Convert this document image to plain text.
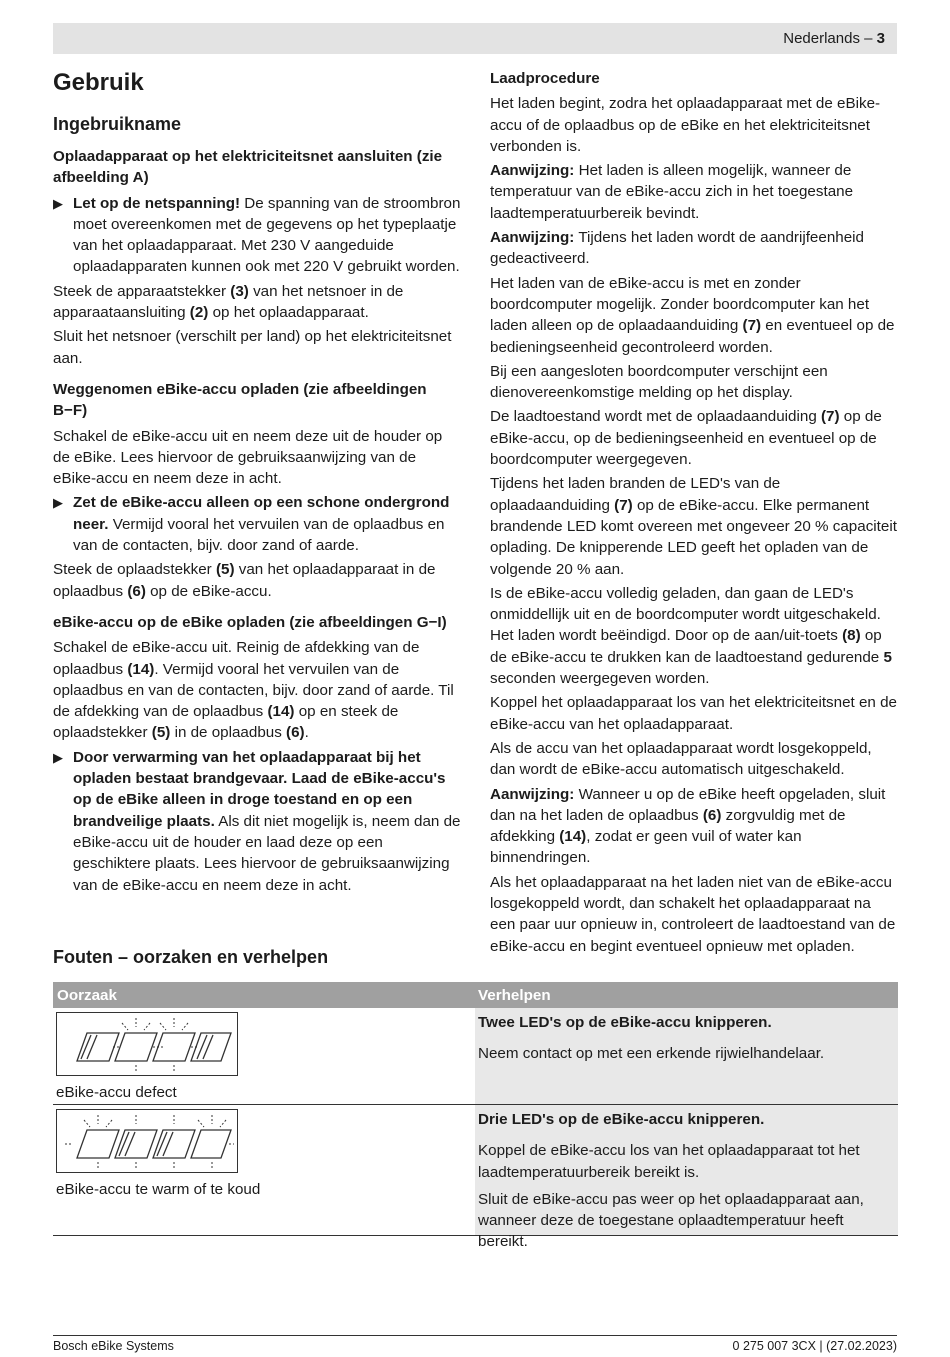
Nederlands – 3
Gebruik
Ingebruikname
Oplaadapparaat op het elektriciteitsnet aansluiten (zie afbeelding A)
▶ Let op de netspanning! De spanning van de stroombron moet overeenkomen met de gegevens op het typeplaatje van het oplaadapparaat. Met 230 V aangeduide oplaadapparaten kunnen ook met 220 V gebruikt worden.

Steek de apparaatstekker (3) van het netsnoer in de apparaataansluiting (2) op het oplaadapparaat.

Sluit het netsnoer (verschilt per land) op het elektriciteitsnet aan.

Weggenomen eBike-accu opladen (zie afbeeldingen B−F)

Schakel de eBike-accu uit en neem deze uit de houder op de eBike. Lees hiervoor de gebruiksaanwijzing van de eBike-accu en neem deze in acht.

▶ Zet de eBike-accu alleen op een schone ondergrond neer. Vermijd vooral het vervuilen van de oplaadbus en van de contacten, bijv. door zand of aarde.

Steek de oplaadstekker (5) van het oplaadapparaat in de oplaadbus (6) op de eBike-accu.

eBike-accu op de eBike opladen (zie afbeeldingen G−I)

Schakel de eBike-accu uit. Reinig de afdekking van de oplaadbus (14). Vermijd vooral het vervuilen van de oplaadbus en van de contacten, bijv. door zand of aarde. Til de afdekking van de oplaadbus (14) op en steek de oplaadstekker (5) in de oplaadbus (6).

▶ Door verwarming van het oplaadapparaat bij het opladen bestaat brandgevaar. Laad de eBike-accu's op de eBike alleen in droge toestand en op een brandveilige plaats. Als dit niet mogelijk is, neem dan de eBike-accu uit de houder en laad deze op een geschiktere plaats. Lees hiervoor de gebruiksaanwijzing van de eBike-accu en neem deze in acht.
Laadprocedure

Het laden begint, zodra het oplaadapparaat met de eBike-accu of de oplaadbus op de eBike en het elektriciteitsnet verbonden is.

Aanwijzing: Het laden is alleen mogelijk, wanneer de temperatuur van de eBike-accu zich in het toegestane laadtemperatuurbereik bevindt.

Aanwijzing: Tijdens het laden wordt de aandrijfeenheid gedeactiveerd.

Het laden van de eBike-accu is met en zonder boordcomputer mogelijk. Zonder boordcomputer kan het laden alleen op de oplaadaanduiding (7) en eventueel op de bedieningseenheid gecontroleerd worden.

Bij een aangesloten boordcomputer verschijnt een dienovereenkomstige melding op het display.

De laadtoestand wordt met de oplaadaanduiding (7) op de eBike-accu, op de bedieningseenheid en eventueel op de boordcomputer weergegeven.

Tijdens het laden branden de LED's van de oplaadaanduiding (7) op de eBike-accu. Elke permanent brandende LED komt overeen met ongeveer 20 % capaciteit oplading. De knipperende LED geeft het opladen van de volgende 20 % aan.

Is de eBike-accu volledig geladen, dan gaan de LED's onmiddellijk uit en de boordcomputer wordt uitgeschakeld. Het laden wordt beëindigd. Door op de aan/uit-toets (8) op de eBike-accu te drukken kan de laadtoestand gedurende 5 seconden weergegeven worden.

Koppel het oplaadapparaat los van het elektriciteitsnet en de eBike-accu van het oplaadapparaat.

Als de accu van het oplaadapparaat wordt losgekoppeld, dan wordt de eBike-accu automatisch uitgeschakeld.

Aanwijzing: Wanneer u op de eBike heeft opgeladen, sluit dan na het laden de oplaadbus (6) zorgvuldig met de afdekking (14), zodat er geen vuil of water kan binnendringen.

Als het oplaadapparaat na het laden niet van de eBike-accu losgekoppeld wordt, dan schakelt het oplaadapparaat na een paar uur opnieuw in, controleert de laadtoestand van de eBike-accu en begint eventueel opnieuw met opladen.

Fouten – oorzaken en verhelpen
Oorzaak	Verhelpen
eBike-accu defect

Twee LED's op de eBike-accu knipperen.

Neem contact op met een erkende rijwielhandelaar.

eBike-accu te warm of te koud

Drie LED's op de eBike-accu knipperen.

Koppel de eBike-accu los van het oplaadapparaat tot het laadtemperatuurbereik bereikt is.

Sluit de eBike-accu pas weer op het oplaadapparaat aan, wanneer deze de toegestane oplaadtemperatuur heeft bereikt.

Bosch eBike Systems	0 275 007 3CX | (27.02.2023)
